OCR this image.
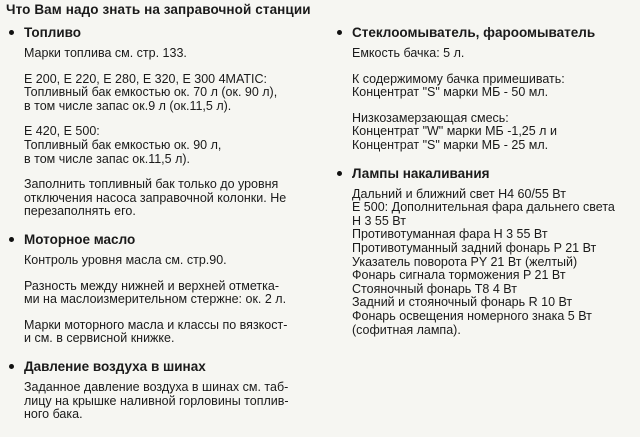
Что Вам надо знать на заправочной станции
Топливо
Марки топлива см. стр. 133.
E 200, E 220, E 280, E 320, E 300 4MATIC:
Топливный бак емкостью ок. 70 л (ок. 90 л),
в том числе запас ок.9 л (ок.11,5 л).
E 420, E 500:
Топливный бак емкостью ок. 90 л,
в том числе запас ок.11,5 л).
Заполнить топливный бак только до уровня
отключения насоса заправочной колонки. Не
перезаполнять его.
Моторное масло
Контроль уровня масла см. стр.90.
Разность между нижней и верхней отметка-
ми на маслоизмерительном стержне: ок. 2 л.
Марки моторного масла и классы по вязкост-
и см. в сервисной книжке.
Давление воздуха в шинах
Заданное давление воздуха в шинах см. таб-
лицу на крышке наливной горловины топлив-
ного бака.
Стеклоомыватель, фароомыватель
Емкость бачка: 5 л.
К содержимому бачка примешивать:
Концентрат "S" марки МБ - 50 мл.
Низкозамерзающая смесь:
Концентрат "W" марки МБ -1,25 л и
Концентрат "S" марки МБ - 25 мл.
Лампы накаливания
Дальний и ближний свет H4 60/55 Вт
E 500: Дополнительная фара дальнего света
H 3 55 Вт
Противотуманная фара H 3 55 Вт
Противотуманный задний фонарь P 21 Вт
Указатель поворота PY 21 Вт (желтый)
Фонарь сигнала торможения P 21 Вт
Стояночный фонарь T8 4 Вт
Задний и стояночный фонарь R 10 Вт
Фонарь освещения номерного знака 5 Вт
(софитная лампа).
